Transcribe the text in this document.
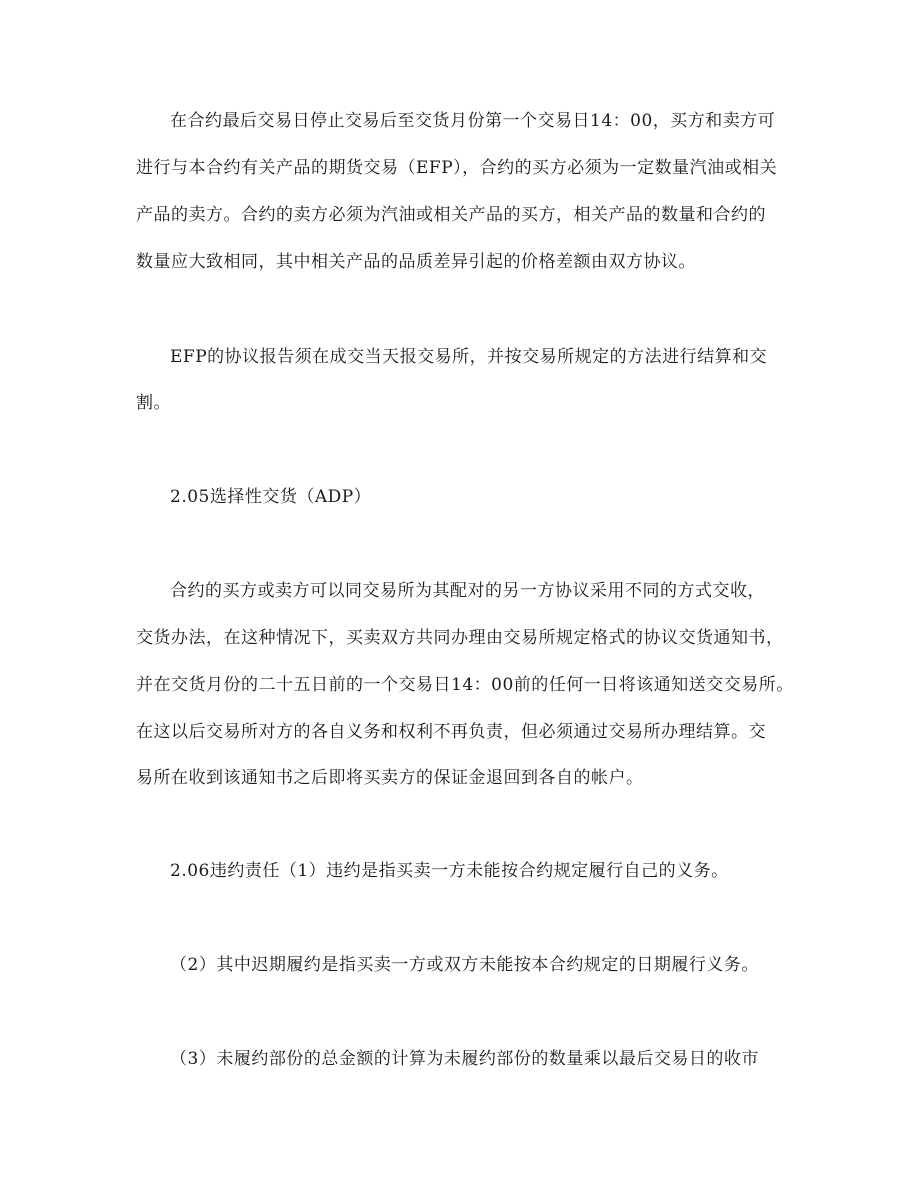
在合约最后交易日停止交易后至交货月份第一个交易日14：00，买方和卖方可
进行与本合约有关产品的期货交易（EFP），合约的买方必须为一定数量汽油或相关
产品的卖方。合约的卖方必须为汽油或相关产品的买方，相关产品的数量和合约的
数量应大致相同，其中相关产品的品质差异引起的价格差额由双方协议。
EFP的协议报告须在成交当天报交易所，并按交易所规定的方法进行结算和交
割。
2.05选择性交货（ADP）
合约的买方或卖方可以同交易所为其配对的另一方协议采用不同的方式交收，
交货办法，在这种情况下，买卖双方共同办理由交易所规定格式的协议交货通知书，
并在交货月份的二十五日前的一个交易日14：00前的任何一日将该通知送交交易所。
在这以后交易所对方的各自义务和权利不再负责，但必须通过交易所办理结算。交
易所在收到该通知书之后即将买卖方的保证金退回到各自的帐户。
2.06违约责任（1）违约是指买卖一方未能按合约规定履行自己的义务。
（2）其中迟期履约是指买卖一方或双方未能按本合约规定的日期履行义务。
（3）未履约部份的总金额的计算为未履约部份的数量乘以最后交易日的收市
